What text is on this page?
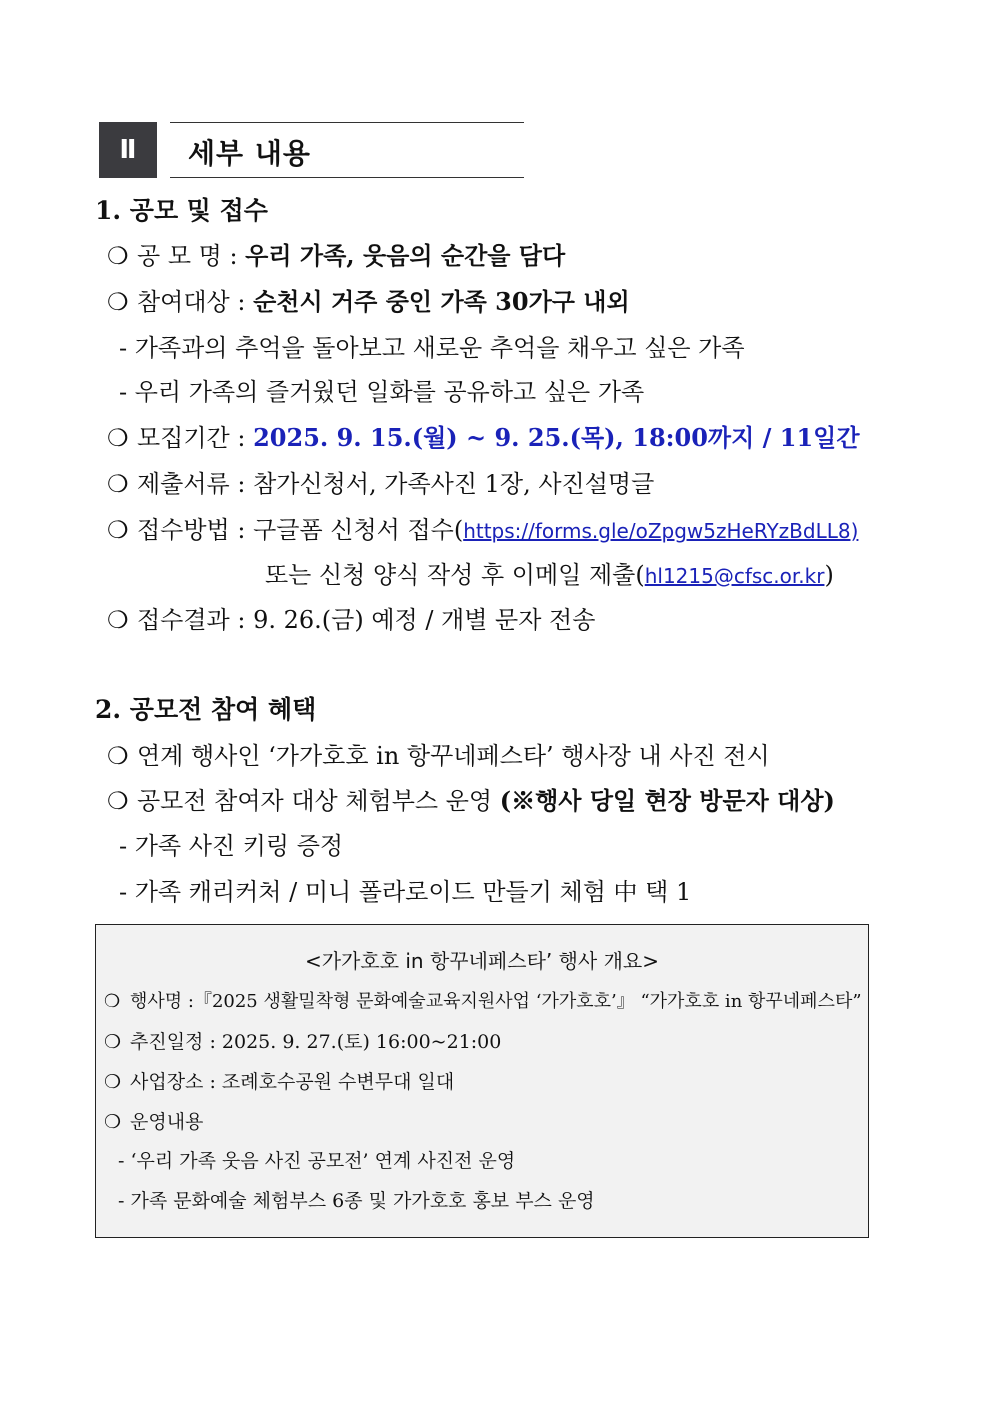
Ⅱ 세부 내용
1. 공모 및 접수
❍ 공 모 명 : 우리 가족, 웃음의 순간을 담다
❍ 참여대상 : 순천시 거주 중인 가족 30가구 내외
- 가족과의 추억을 돌아보고 새로운 추억을 채우고 싶은 가족
- 우리 가족의 즐거웠던 일화를 공유하고 싶은 가족
❍ 모집기간 : 2025. 9. 15.(월) ~ 9. 25.(목), 18:00까지 / 11일간
❍ 제출서류 : 참가신청서, 가족사진 1장, 사진설명글
❍ 접수방법 : 구글폼 신청서 접수(https://forms.gle/oZpgw5zHeRYzBdLL8)
또는 신청 양식 작성 후 이메일 제출(hl1215@cfsc.or.kr)
❍ 접수결과 : 9. 26.(금) 예정 / 개별 문자 전송
2. 공모전 참여 혜택
❍ 연계 행사인 ‘가가호호 in 항꾸네페스타’ 행사장 내 사진 전시
❍ 공모전 참여자 대상 체험부스 운영 (※행사 당일 현장 방문자 대상)
- 가족 사진 키링 증정
- 가족 캐리커처 / 미니 폴라로이드 만들기 체험 中 택 1
<가가호호 in 항꾸네페스타’ 행사 개요>
❍ 행사명 :『2025 생활밀착형 문화예술교육지원사업 ‘가가호호’』 “가가호호 in 항꾸네페스타”
❍ 추진일정 : 2025. 9. 27.(토) 16:00~21:00
❍ 사업장소 : 조례호수공원 수변무대 일대
❍ 운영내용
- ‘우리 가족 웃음 사진 공모전’ 연계 사진전 운영
- 가족 문화예술 체험부스 6종 및 가가호호 홍보 부스 운영
